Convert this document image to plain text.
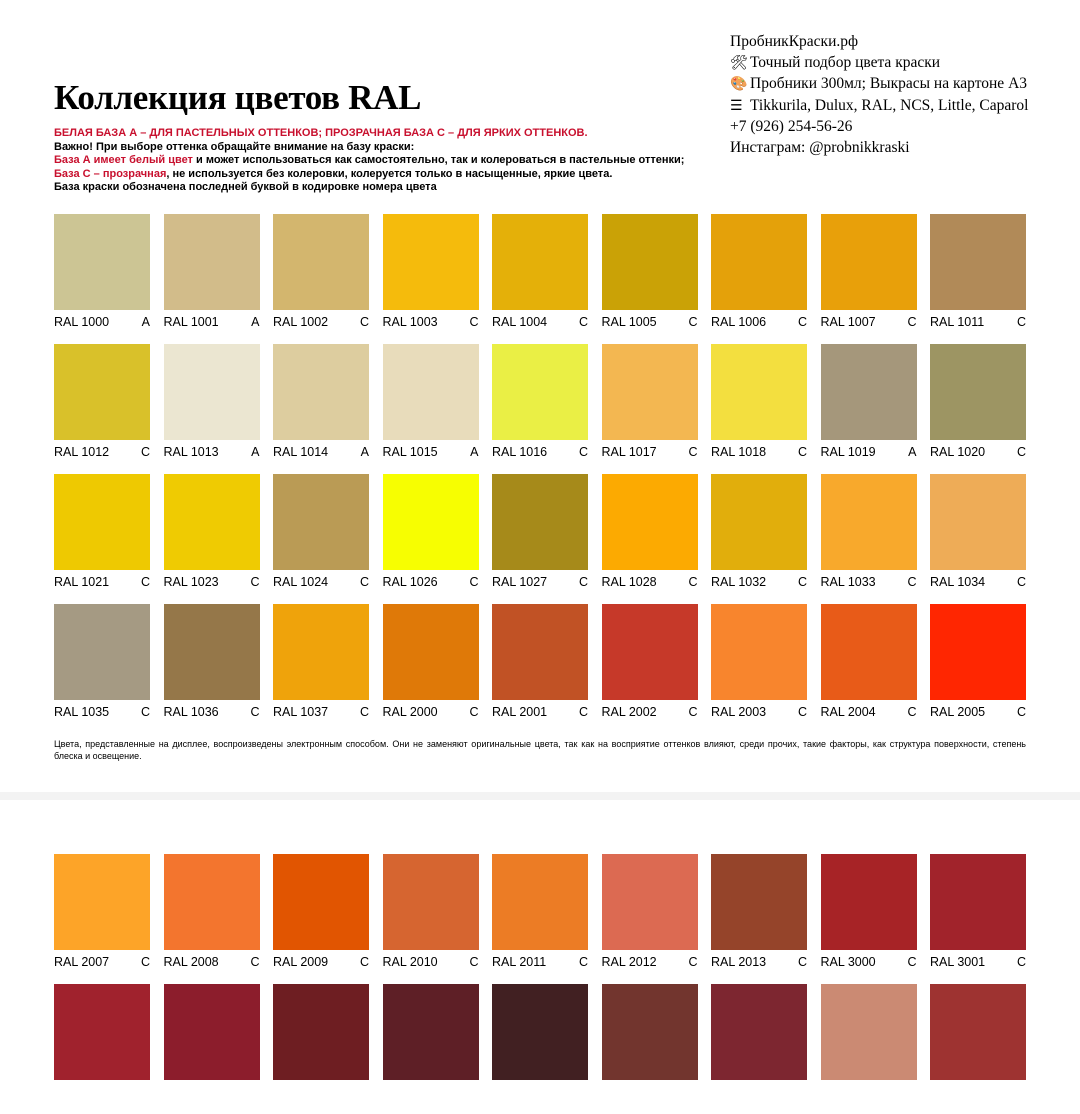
Коллекция цветов RAL
ПробникКраски.рф
🛠 Точный подбор цвета краски
🎨 Пробники 300мл; Выкрасы на картоне А3
☰ Tikkurila, Dulux, RAL, NCS, Little, Caparol
+7 (926) 254-56-26
Инстаграм: @probnikkraski
БЕЛАЯ БАЗА А – ДЛЯ ПАСТЕЛЬНЫХ ОТТЕНКОВ; ПРОЗРАЧНАЯ БАЗА С – ДЛЯ ЯРКИХ ОТТЕНКОВ.
Важно! При выборе оттенка обращайте внимание на базу краски:
База А имеет белый цвет и может использоваться как самостоятельно, так и колероваться в пастельные оттенки;
База С – прозрачная, не используется без колеровки, колеруется только в насыщенные, яркие цвета.
База краски обозначена последней буквой в кодировке номера цвета
RAL 1000	A RAL 1001	A RAL 1002	C RAL 1003	C RAL 1004	C RAL 1005	C RAL 1006	C RAL 1007	C RAL 1011	C
RAL 1012	C RAL 1013	A RAL 1014	A RAL 1015	A RAL 1016	C RAL 1017	C RAL 1018	C RAL 1019	A RAL 1020	C
RAL 1021	C RAL 1023	C RAL 1024	C RAL 1026	C RAL 1027	C RAL 1028	C RAL 1032	C RAL 1033	C RAL 1034	C
RAL 1035	C RAL 1036	C RAL 1037	C RAL 2000	C RAL 2001	C RAL 2002	C RAL 2003	C RAL 2004	C RAL 2005	C
Цвета, представленные на дисплее, воспроизведены электронным способом. Они не заменяют оригинальные цвета, так как на восприятие оттенков влияют, среди прочих, такие факторы, как структура поверхности, степень блеска и освещение.
RAL 2007	C RAL 2008	C RAL 2009	C RAL 2010	C RAL 2011	C RAL 2012	C RAL 2013	C RAL 3000	C RAL 3001	C
